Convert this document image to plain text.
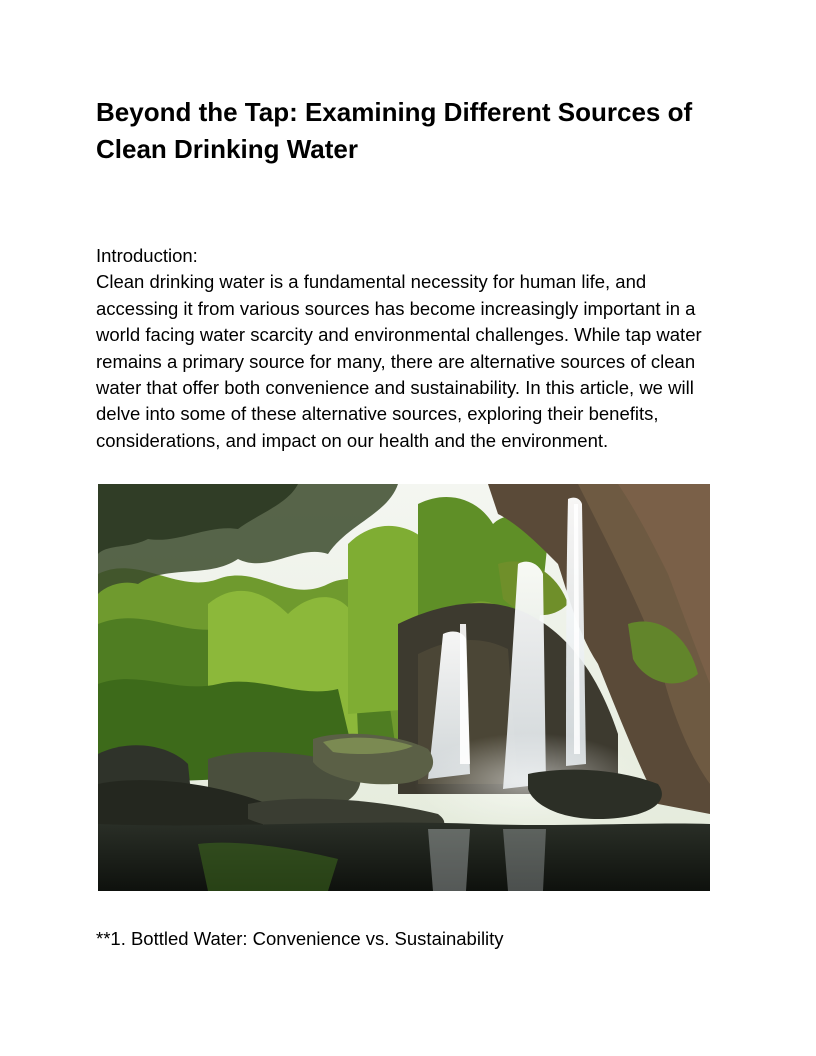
Beyond the Tap: Examining Different Sources of Clean Drinking Water

Introduction:

Clean drinking water is a fundamental necessity for human life, and accessing it from various sources has become increasingly important in a world facing water scarcity and environmental challenges. While tap water remains a primary source for many, there are alternative sources of clean water that offer both convenience and sustainability. In this article, we will delve into some of these alternative sources, exploring their benefits, considerations, and impact on our health and the environment.

**1. Bottled Water: Convenience vs. Sustainability
